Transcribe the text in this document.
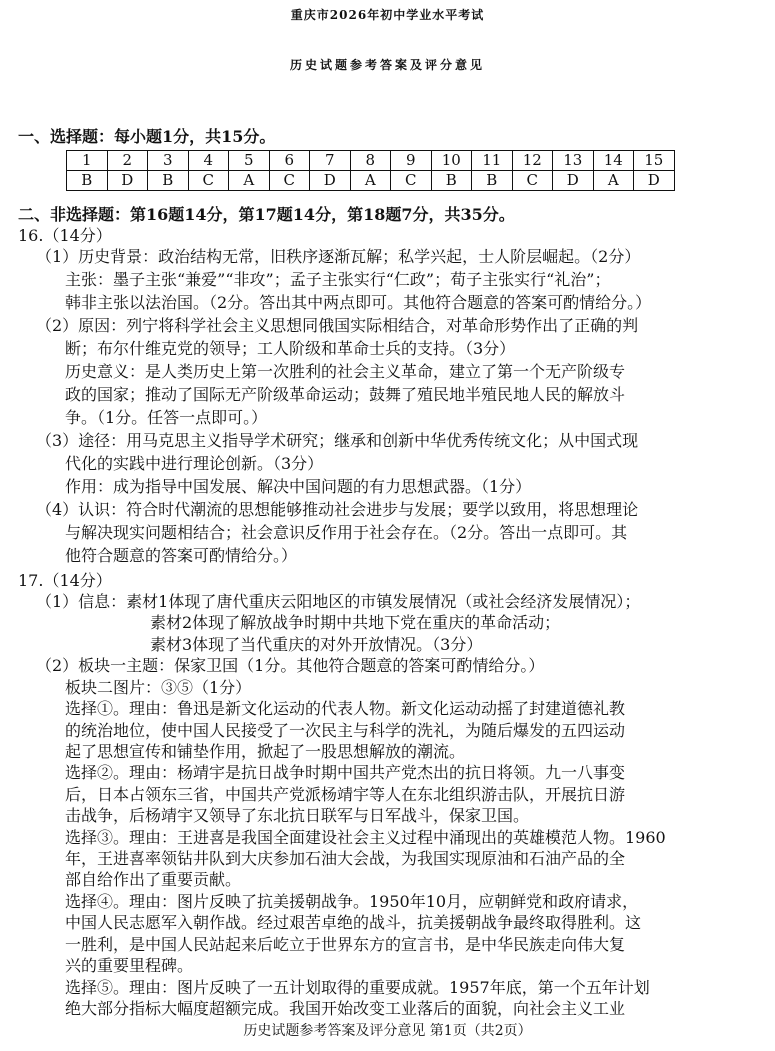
重庆市2026年初中学业水平考试
历史试题参考答案及评分意见
一、选择题：每小题1分，共15分。
1	2	3	4	5	6	7	8	9	10	11	12	13	14	15
B	D	B	C	A	C	D	A	C	B	B	C	D	A	D
二、非选择题：第16题14分，第17题14分，第18题7分，共35分。
16.（14分）
（1）历史背景：政治结构无常，旧秩序逐渐瓦解；私学兴起，士人阶层崛起。（2分）
主张：墨子主张“兼爱”“非攻”；孟子主张实行“仁政”；荀子主张实行“礼治”；
韩非主张以法治国。（2分。答出其中两点即可。其他符合题意的答案可酌情给分。）
（2）原因：列宁将科学社会主义思想同俄国实际相结合，对革命形势作出了正确的判
断；布尔什维克党的领导；工人阶级和革命士兵的支持。（3分）
历史意义：是人类历史上第一次胜利的社会主义革命，建立了第一个无产阶级专
政的国家；推动了国际无产阶级革命运动；鼓舞了殖民地半殖民地人民的解放斗
争。（1分。任答一点即可。）
（3）途径：用马克思主义指导学术研究；继承和创新中华优秀传统文化；从中国式现
代化的实践中进行理论创新。（3分）
作用：成为指导中国发展、解决中国问题的有力思想武器。（1分）
（4）认识：符合时代潮流的思想能够推动社会进步与发展；要学以致用，将思想理论
与解决现实问题相结合；社会意识反作用于社会存在。（2分。答出一点即可。其
他符合题意的答案可酌情给分。）
17.（14分）
（1）信息：素材1体现了唐代重庆云阳地区的市镇发展情况（或社会经济发展情况）；
素材2体现了解放战争时期中共地下党在重庆的革命活动；
素材3体现了当代重庆的对外开放情况。（3分）
（2）板块一主题：保家卫国（1分。其他符合题意的答案可酌情给分。）
板块二图片：③⑤（1分）
选择①。理由：鲁迅是新文化运动的代表人物。新文化运动动摇了封建道德礼教
的统治地位，使中国人民接受了一次民主与科学的洗礼，为随后爆发的五四运动
起了思想宣传和铺垫作用，掀起了一股思想解放的潮流。
选择②。理由：杨靖宇是抗日战争时期中国共产党杰出的抗日将领。九一八事变
后，日本占领东三省，中国共产党派杨靖宇等人在东北组织游击队，开展抗日游
击战争，后杨靖宇又领导了东北抗日联军与日军战斗，保家卫国。
选择③。理由：王进喜是我国全面建设社会主义过程中涌现出的英雄模范人物。1960
年，王进喜率领钻井队到大庆参加石油大会战，为我国实现原油和石油产品的全
部自给作出了重要贡献。
选择④。理由：图片反映了抗美援朝战争。1950年10月，应朝鲜党和政府请求，
中国人民志愿军入朝作战。经过艰苦卓绝的战斗，抗美援朝战争最终取得胜利。这
一胜利，是中国人民站起来后屹立于世界东方的宣言书，是中华民族走向伟大复
兴的重要里程碑。
选择⑤。理由：图片反映了一五计划取得的重要成就。1957年底，第一个五年计划
绝大部分指标大幅度超额完成。我国开始改变工业落后的面貌，向社会主义工业
历史试题参考答案及评分意见 第1页（共2页）
